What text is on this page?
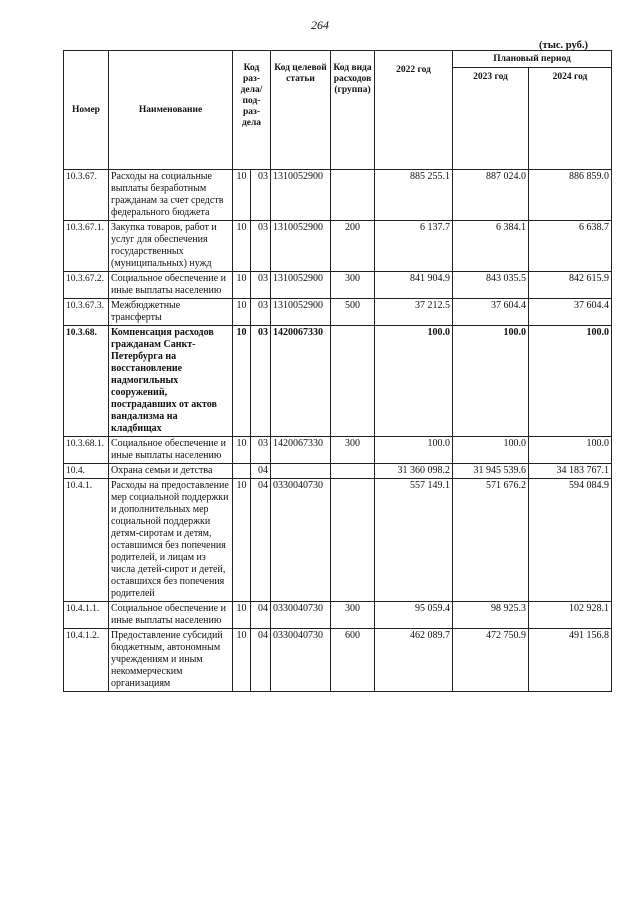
264
(тыс. руб.)
Номер	Наименование	Код раз- дела/ под- раз- дела		Код целевой статьи	Код вида расходов (группа)	2022 год	Плановый период	
							2023 год	2024 год
10.3.67.	Расходы на социальные выплаты безработным гражданам за счет средств федерального бюджета	10	03	1310052900		885 255.1	887 024.0	886 859.0
10.3.67.1.	Закупка товаров, работ и услуг для обеспечения государственных (муниципальных) нужд	10	03	1310052900	200	6 137.7	6 384.1	6 638.7
10.3.67.2.	Социальное обеспечение и иные выплаты населению	10	03	1310052900	300	841 904.9	843 035.5	842 615.9
10.3.67.3.	Межбюджетные трансферты	10	03	1310052900	500	37 212.5	37 604.4	37 604.4
10.3.68.	Компенсация расходов гражданам Санкт-Петербурга на восстановление надмогильных сооружений, пострадавших от актов вандализма на кладбищах	10	03	1420067330		100.0	100.0	100.0
10.3.68.1.	Социальное обеспечение и иные выплаты населению	10	03	1420067330	300	100.0	100.0	100.0
10.4.	Охрана семьи и детства		04			31 360 098.2	31 945 539.6	34 183 767.1
10.4.1.	Расходы на предоставление мер социальной поддержки и дополнительных мер социальной поддержки детям-сиротам и детям, оставшимся без попечения родителей, и лицам из числа детей-сирот и детей, оставшихся без попечения родителей	10	04	0330040730		557 149.1	571 676.2	594 084.9
10.4.1.1.	Социальное обеспечение и иные выплаты населению	10	04	0330040730	300	95 059.4	98 925.3	102 928.1
10.4.1.2.	Предоставление субсидий бюджетным, автономным учреждениям и иным некоммерческим организациям	10	04	0330040730	600	462 089.7	472 750.9	491 156.8
